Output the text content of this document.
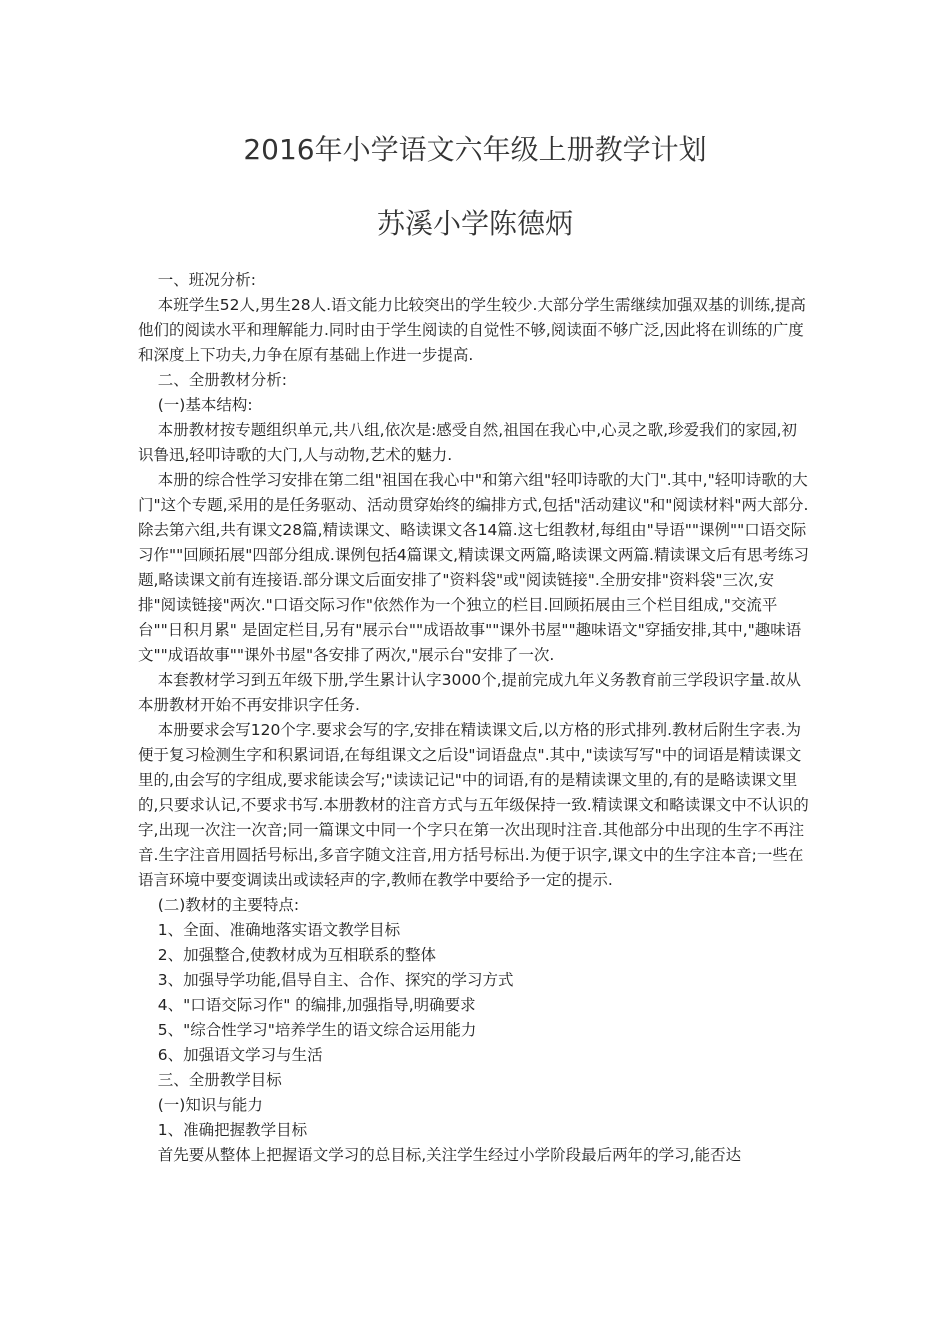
2016年小学语文六年级上册教学计划
苏溪小学陈德炳

一、班况分析:

本班学生52人,男生28人.语文能力比较突出的学生较少.大部分学生需继续加强双基的训练,提高他们的阅读水平和理解能力.同时由于学生阅读的自觉性不够,阅读面不够广泛,因此将在训练的广度和深度上下功夫,力争在原有基础上作进一步提高.

二、全册教材分析:

(一)基本结构:

本册教材按专题组织单元,共八组,依次是:感受自然,祖国在我心中,心灵之歌,珍爱我们的家园,初识鲁迅,轻叩诗歌的大门,人与动物,艺术的魅力.

本册的综合性学习安排在第二组"祖国在我心中"和第六组"轻叩诗歌的大门".其中,"轻叩诗歌的大门"这个专题,采用的是任务驱动、活动贯穿始终的编排方式,包括"活动建议"和"阅读材料"两大部分.除去第六组,共有课文28篇,精读课文、略读课文各14篇.这七组教材,每组由"导语""课例""口语交际习作""回顾拓展"四部分组成.课例包括4篇课文,精读课文两篇,略读课文两篇.精读课文后有思考练习题,略读课文前有连接语.部分课文后面安排了"资料袋"或"阅读链接".全册安排"资料袋"三次,安排"阅读链接"两次."口语交际习作"依然作为一个独立的栏目.回顾拓展由三个栏目组成,"交流平台""日积月累" 是固定栏目,另有"展示台""成语故事""课外书屋""趣味语文"穿插安排,其中,"趣味语文""成语故事""课外书屋"各安排了两次,"展示台"安排了一次.

本套教材学习到五年级下册,学生累计认字3000个,提前完成九年义务教育前三学段识字量.故从本册教材开始不再安排识字任务.

本册要求会写120个字.要求会写的字,安排在精读课文后,以方格的形式排列.教材后附生字表.为便于复习检测生字和积累词语,在每组课文之后设"词语盘点".其中,"读读写写"中的词语是精读课文里的,由会写的字组成,要求能读会写;"读读记记"中的词语,有的是精读课文里的,有的是略读课文里的,只要求认记,不要求书写.本册教材的注音方式与五年级保持一致.精读课文和略读课文中不认识的字,出现一次注一次音;同一篇课文中同一个字只在第一次出现时注音.其他部分中出现的生字不再注音.生字注音用圆括号标出,多音字随文注音,用方括号标出.为便于识字,课文中的生字注本音;一些在语言环境中要变调读出或读轻声的字,教师在教学中要给予一定的提示.

(二)教材的主要特点:

1、全面、准确地落实语文教学目标

2、加强整合,使教材成为互相联系的整体

3、加强导学功能,倡导自主、合作、探究的学习方式

4、"口语交际习作" 的编排,加强指导,明确要求

5、"综合性学习"培养学生的语文综合运用能力

6、加强语文学习与生活

三、全册教学目标

(一)知识与能力

1、准确把握教学目标

首先要从整体上把握语文学习的总目标,关注学生经过小学阶段最后两年的学习,能否达
